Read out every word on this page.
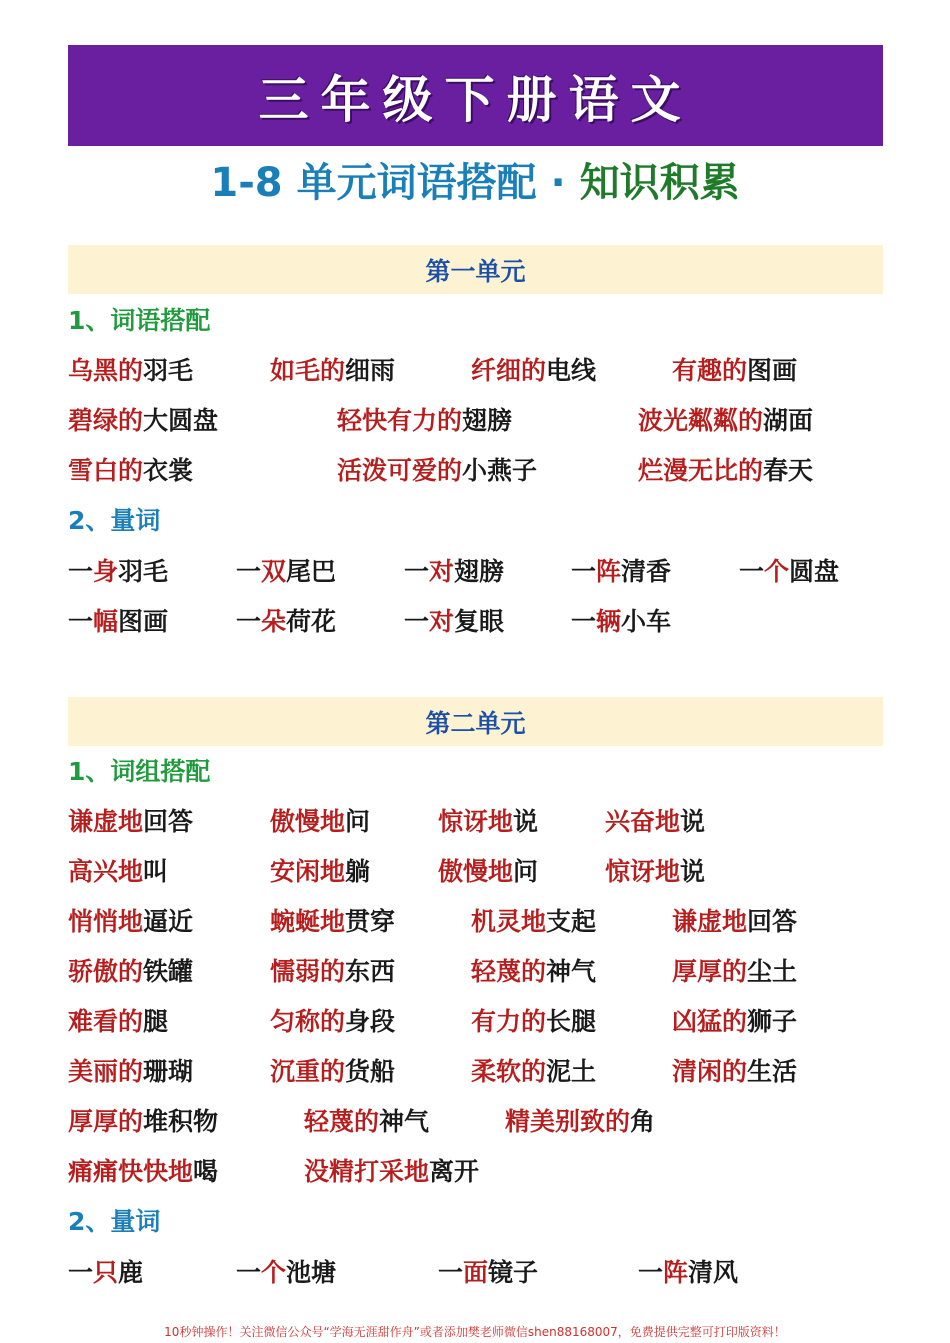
三年级下册语文
1-8 单元词语搭配 · 知识积累
第一单元
1、词语搭配
乌黑的羽毛	如毛的细雨	纤细的电线	有趣的图画
碧绿的大圆盘	轻快有力的翅膀	波光粼粼的湖面
雪白的衣裳	活泼可爱的小燕子	烂漫无比的春天
2、量词
一身羽毛	一双尾巴	一对翅膀	一阵清香	一个圆盘
一幅图画	一朵荷花	一对复眼	一辆小车
第二单元
1、词组搭配
谦虚地回答	傲慢地问	惊讶地说	兴奋地说
高兴地叫	安闲地躺	傲慢地问	惊讶地说
悄悄地逼近	蜿蜒地贯穿	机灵地支起	谦虚地回答
骄傲的铁罐	懦弱的东西	轻蔑的神气	厚厚的尘土
难看的腿	匀称的身段	有力的长腿	凶猛的狮子
美丽的珊瑚	沉重的货船	柔软的泥土	清闲的生活
厚厚的堆积物	轻蔑的神气	精美别致的角
痛痛快快地喝	没精打采地离开
2、量词
一只鹿	一个池塘	一面镜子	一阵清风
10秒钟操作！关注微信公众号“学海无涯甜作舟”或者添加樊老师微信shen88168007，免费提供完整可打印版资料！
